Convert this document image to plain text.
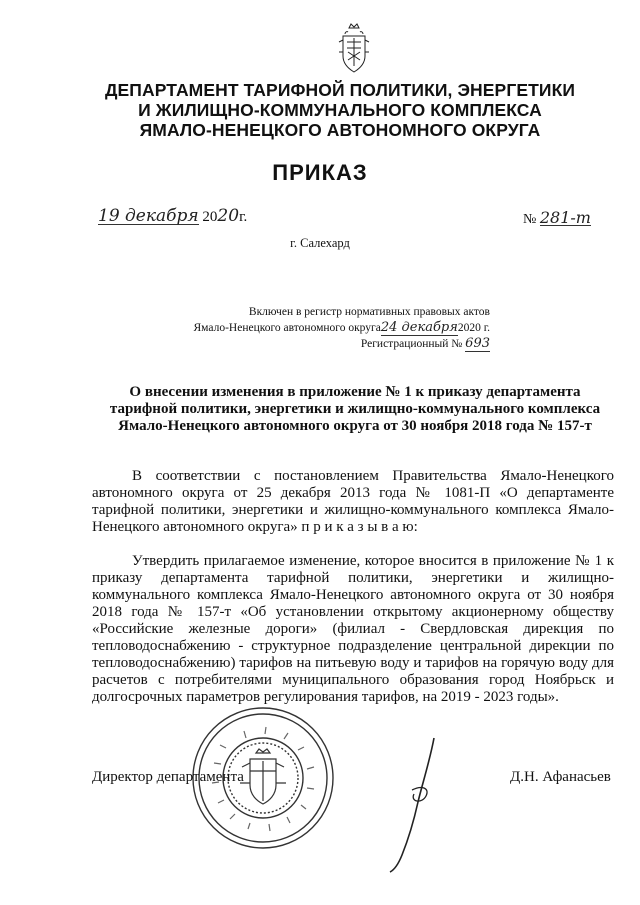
ДЕПАРТАМЕНТ ТАРИФНОЙ ПОЛИТИКИ, ЭНЕРГЕТИКИ
И ЖИЛИЩНО-КОММУНАЛЬНОГО КОМПЛЕКСА
ЯМАЛО-НЕНЕЦКОГО АВТОНОМНОГО ОКРУГА
ПРИКАЗ
19 декабря 2020г.	№ 281-т
г. Салехард
Включен в регистр нормативных правовых актов
Ямало-Ненецкого автономного округа24 декабря2020 г.
Регистрационный № 693
О внесении изменения в приложение № 1 к приказу департамента
тарифной политики, энергетики и жилищно-коммунального комплекса
Ямало-Ненецкого автономного округа от 30 ноября 2018 года № 157-т

В соответствии с постановлением Правительства Ямало-Ненецкого автономного округа от 25 декабря 2013 года № 1081-П «О департаменте тарифной политики, энергетики и жилищно-коммунального комплекса Ямало-Ненецкого автономного округа» п р и к а з ы в а ю:

Утвердить прилагаемое изменение, которое вносится в приложение № 1 к приказу департамента тарифной политики, энергетики и жилищно-коммунального комплекса Ямало-Ненецкого автономного округа от 30 ноября 2018 года № 157-т «Об установлении открытому акционерному обществу «Российские железные дороги» (филиал - Свердловская дирекция по тепловодоснабжению - структурное подразделение центральной дирекции по тепловодоснабжению) тарифов на питьевую воду и тарифов на горячую воду для расчетов с потребителями муниципального образования город Ноябрьск и долгосрочных параметров регулирования тарифов, на 2019 - 2023 годы».

Директор департамента	Д.Н. Афанасьев
